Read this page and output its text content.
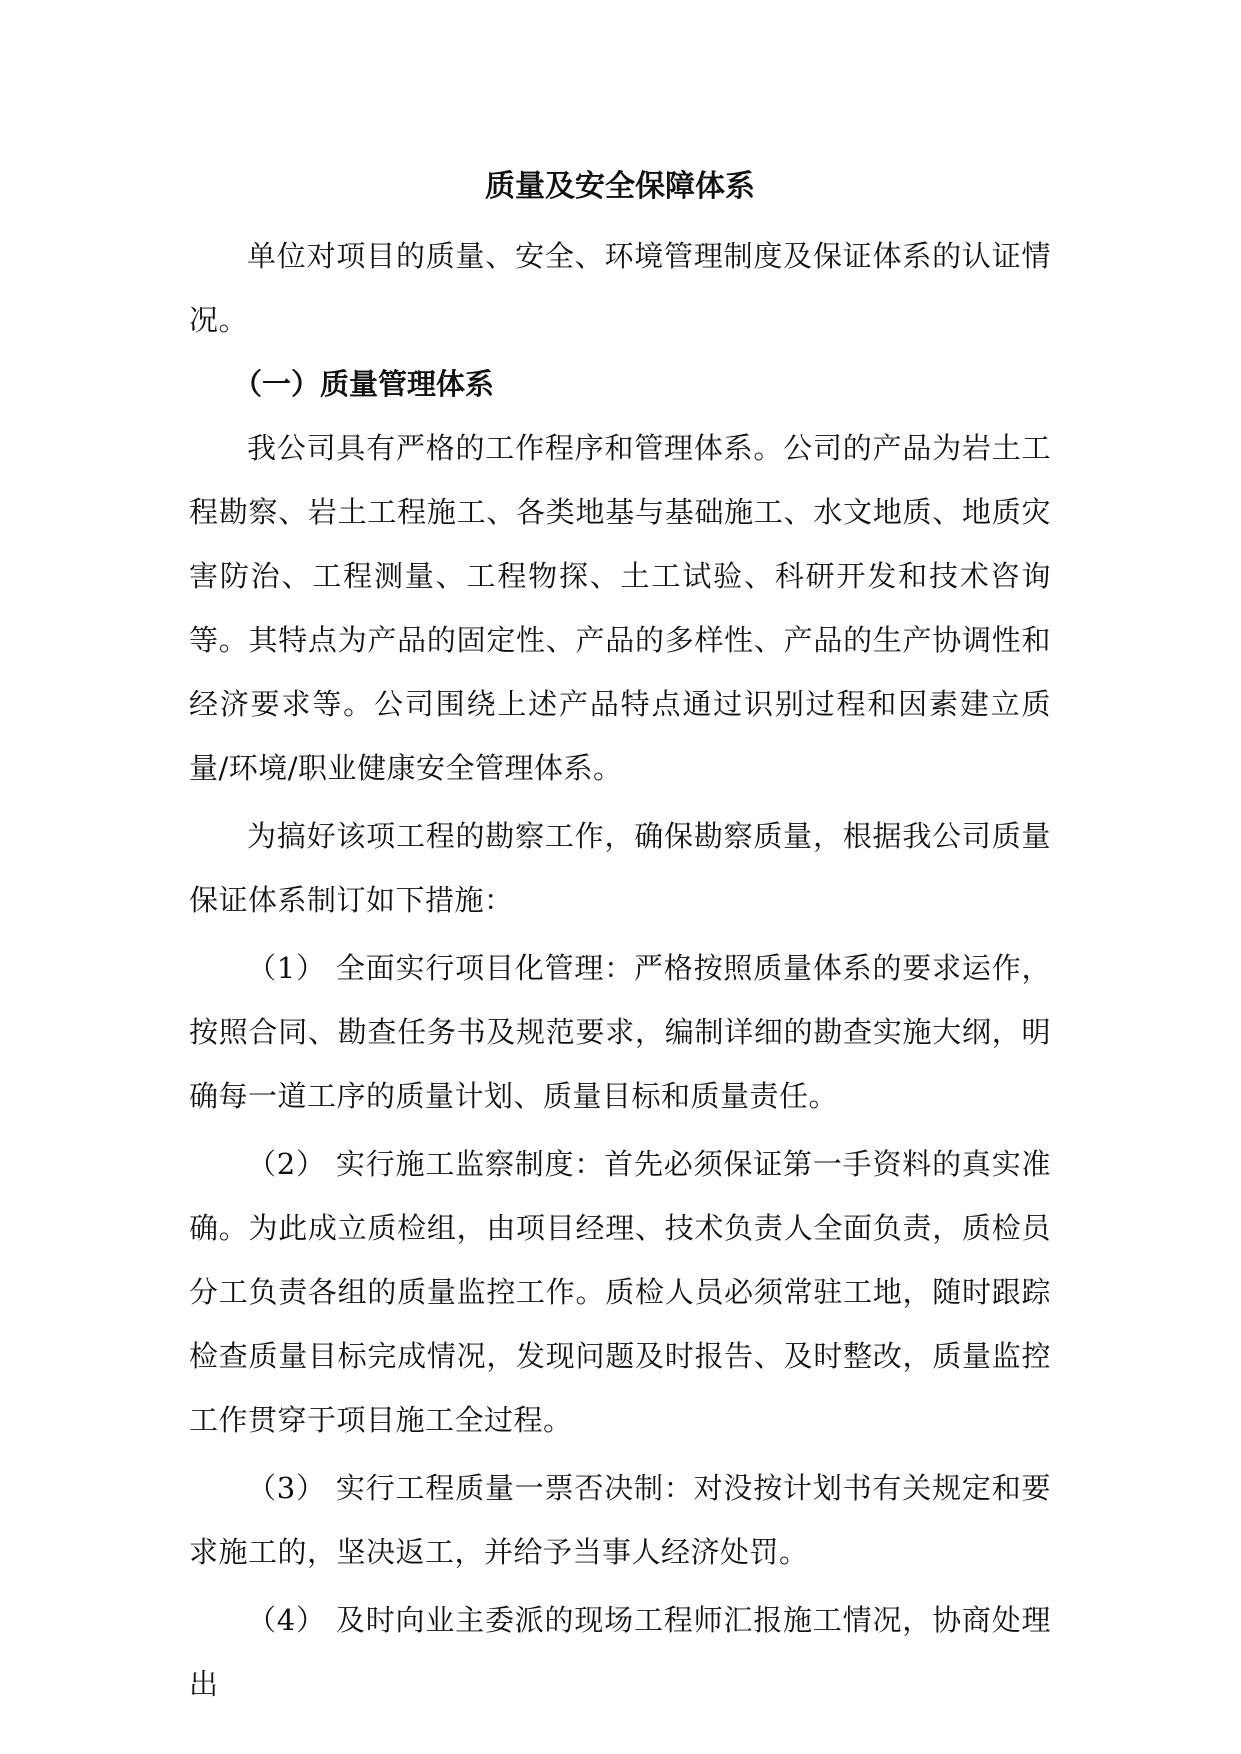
质量及安全保障体系

单位对项目的质量、安全、环境管理制度及保证体系的认证情况。

（一）质量管理体系

我公司具有严格的工作程序和管理体系。公司的产品为岩土工程勘察、岩土工程施工、各类地基与基础施工、水文地质、地质灾害防治、工程测量、工程物探、土工试验、科研开发和技术咨询等。其特点为产品的固定性、产品的多样性、产品的生产协调性和经济要求等。公司围绕上述产品特点通过识别过程和因素建立质量/环境/职业健康安全管理体系。

为搞好该项工程的勘察工作，确保勘察质量，根据我公司质量保证体系制订如下措施：

（1） 全面实行项目化管理：严格按照质量体系的要求运作，按照合同、勘查任务书及规范要求，编制详细的勘查实施大纲，明确每一道工序的质量计划、质量目标和质量责任。

（2） 实行施工监察制度：首先必须保证第一手资料的真实准确。为此成立质检组，由项目经理、技术负责人全面负责，质检员分工负责各组的质量监控工作。质检人员必须常驻工地，随时跟踪检查质量目标完成情况，发现问题及时报告、及时整改，质量监控工作贯穿于项目施工全过程。

（3） 实行工程质量一票否决制：对没按计划书有关规定和要求施工的，坚决返工，并给予当事人经济处罚。

（4） 及时向业主委派的现场工程师汇报施工情况，协商处理出
